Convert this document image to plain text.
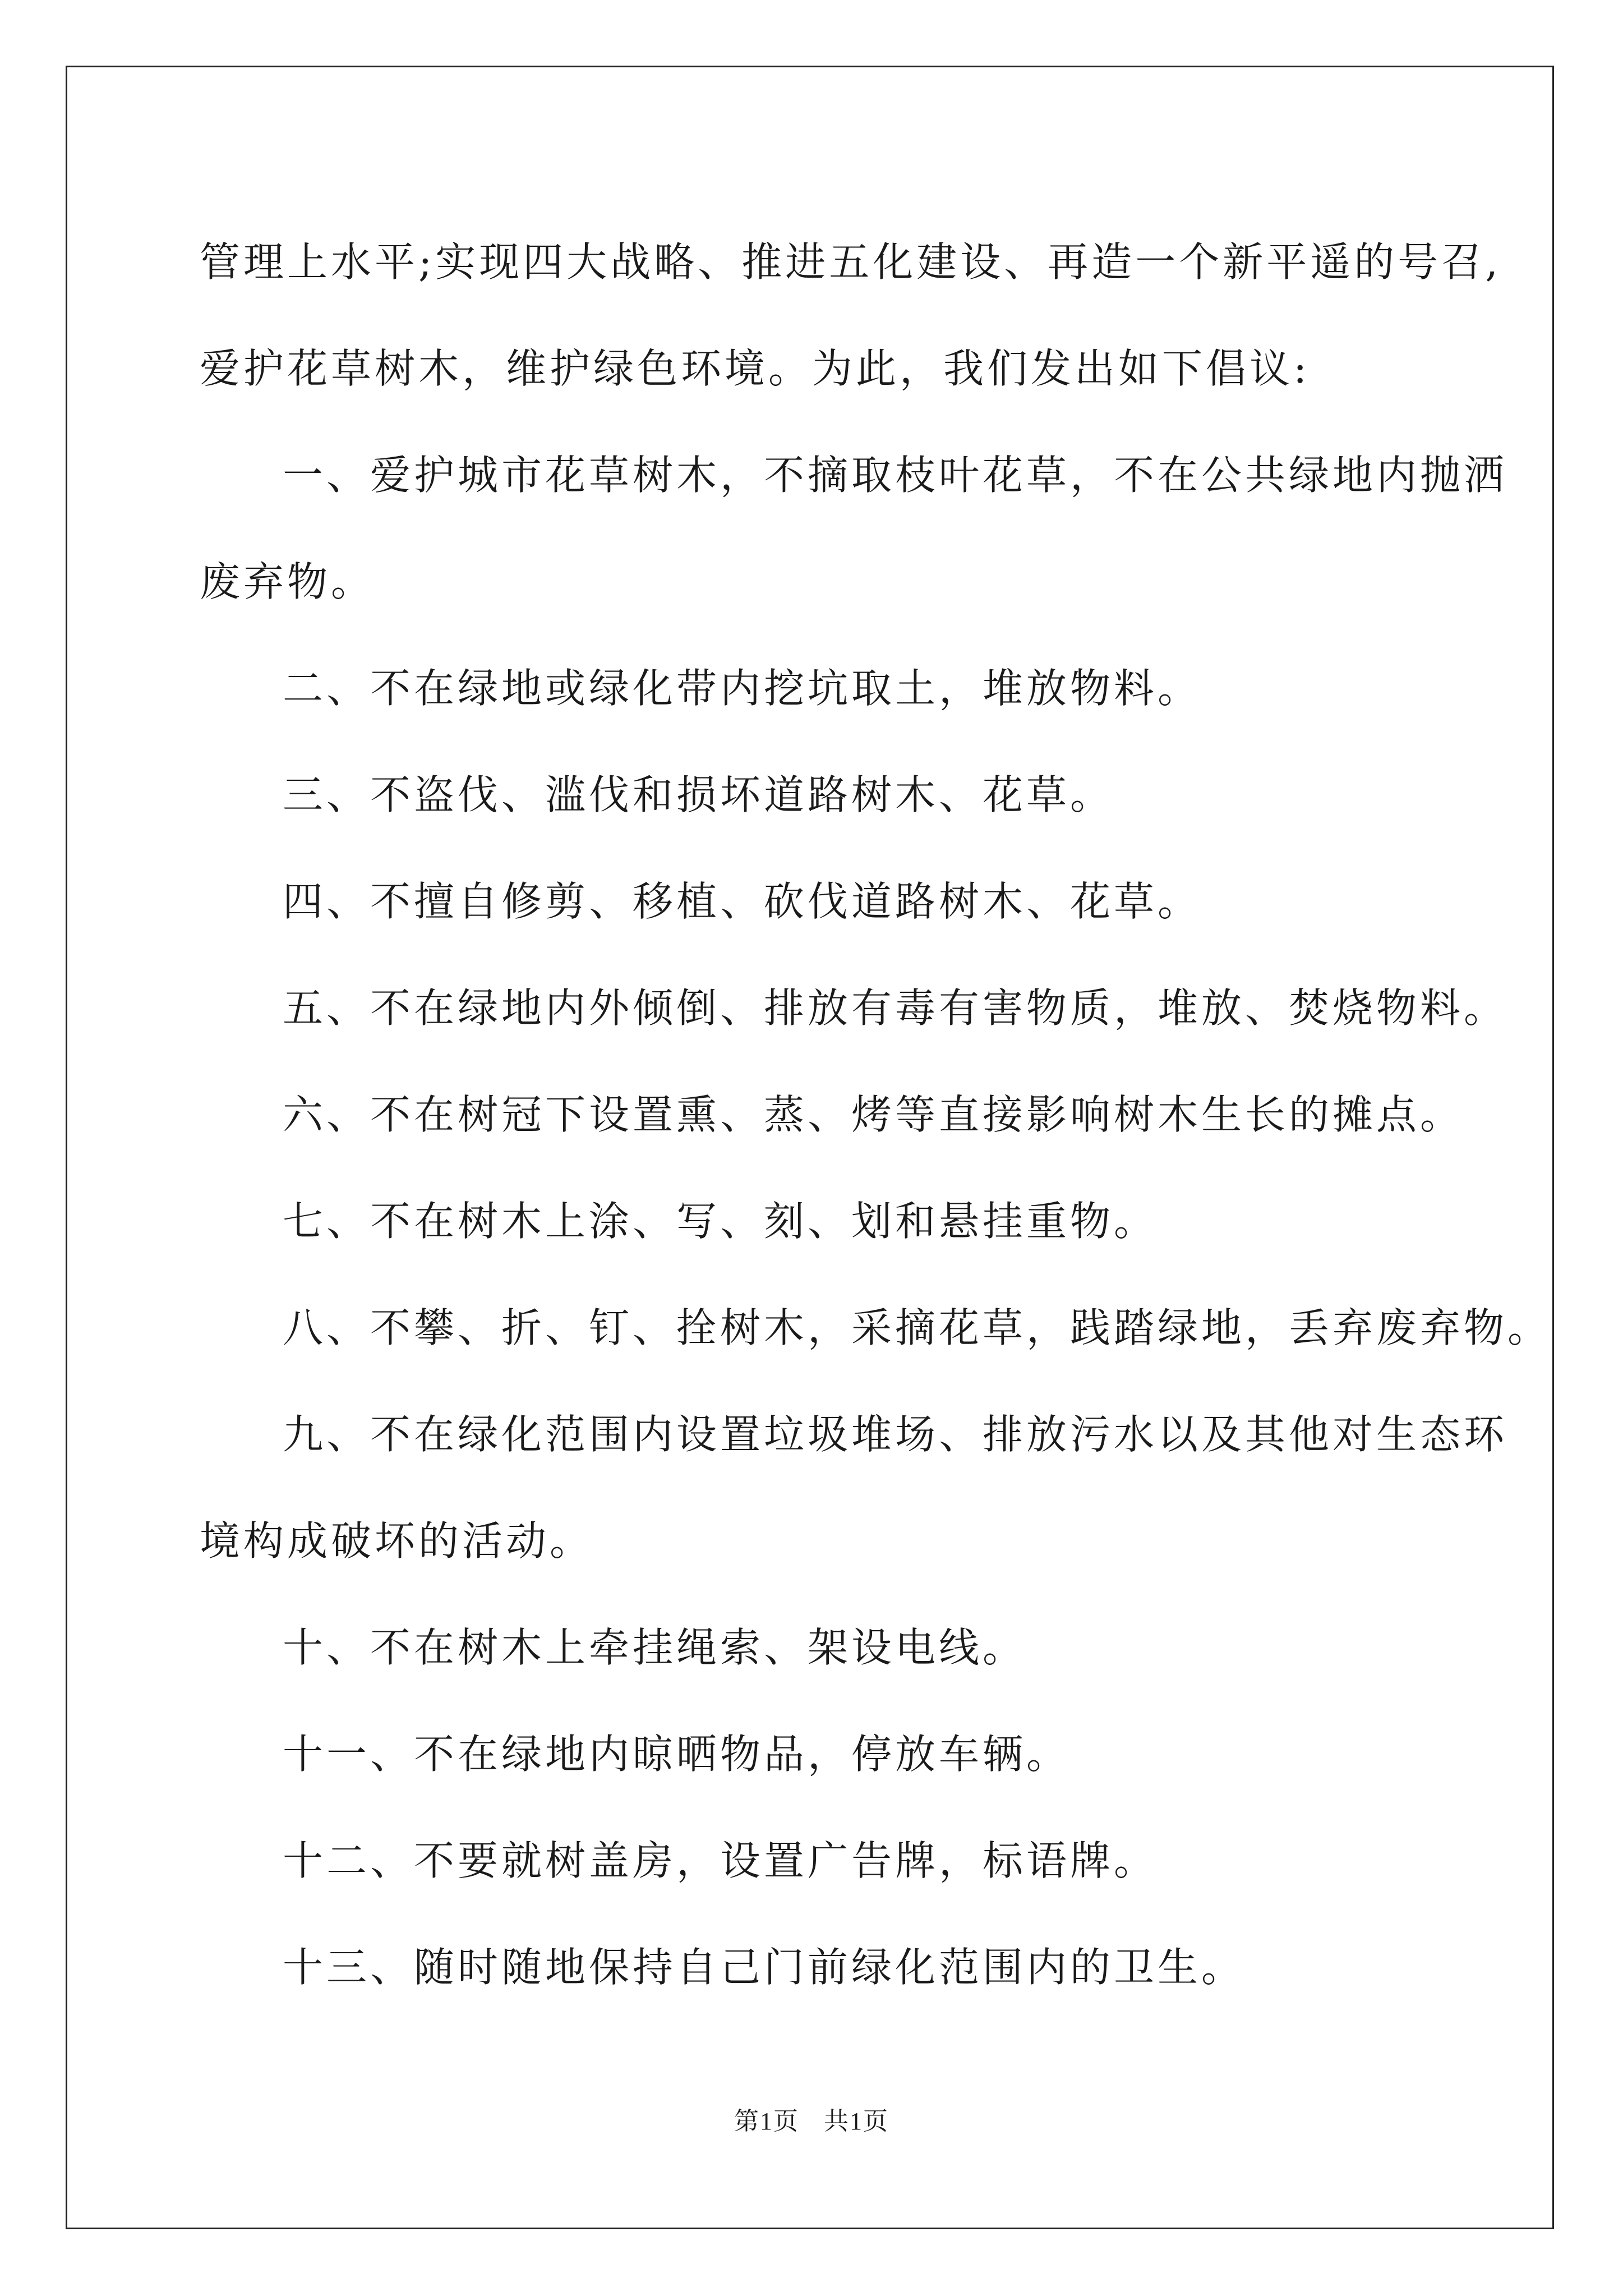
管理上水平;实现四大战略、推进五化建设、再造一个新平遥的号召,
爱护花草树木，维护绿色环境。为此，我们发出如下倡议:
一、爱护城市花草树木，不摘取枝叶花草，不在公共绿地内抛洒
废弃物。
二、不在绿地或绿化带内挖坑取土，堆放物料。
三、不盗伐、滥伐和损坏道路树木、花草。
四、不擅自修剪、移植、砍伐道路树木、花草。
五、不在绿地内外倾倒、排放有毒有害物质，堆放、焚烧物料。
六、不在树冠下设置熏、蒸、烤等直接影响树木生长的摊点。
七、不在树木上涂、写、刻、划和悬挂重物。
八、不攀、折、钉、拴树木，采摘花草，践踏绿地，丢弃废弃物。
九、不在绿化范围内设置垃圾堆场、排放污水以及其他对生态环
境构成破坏的活动。
十、不在树木上牵挂绳索、架设电线。
十一、不在绿地内晾晒物品，停放车辆。
十二、不要就树盖房，设置广告牌，标语牌。
十三、随时随地保持自己门前绿化范围内的卫生。
第1页 共1页
